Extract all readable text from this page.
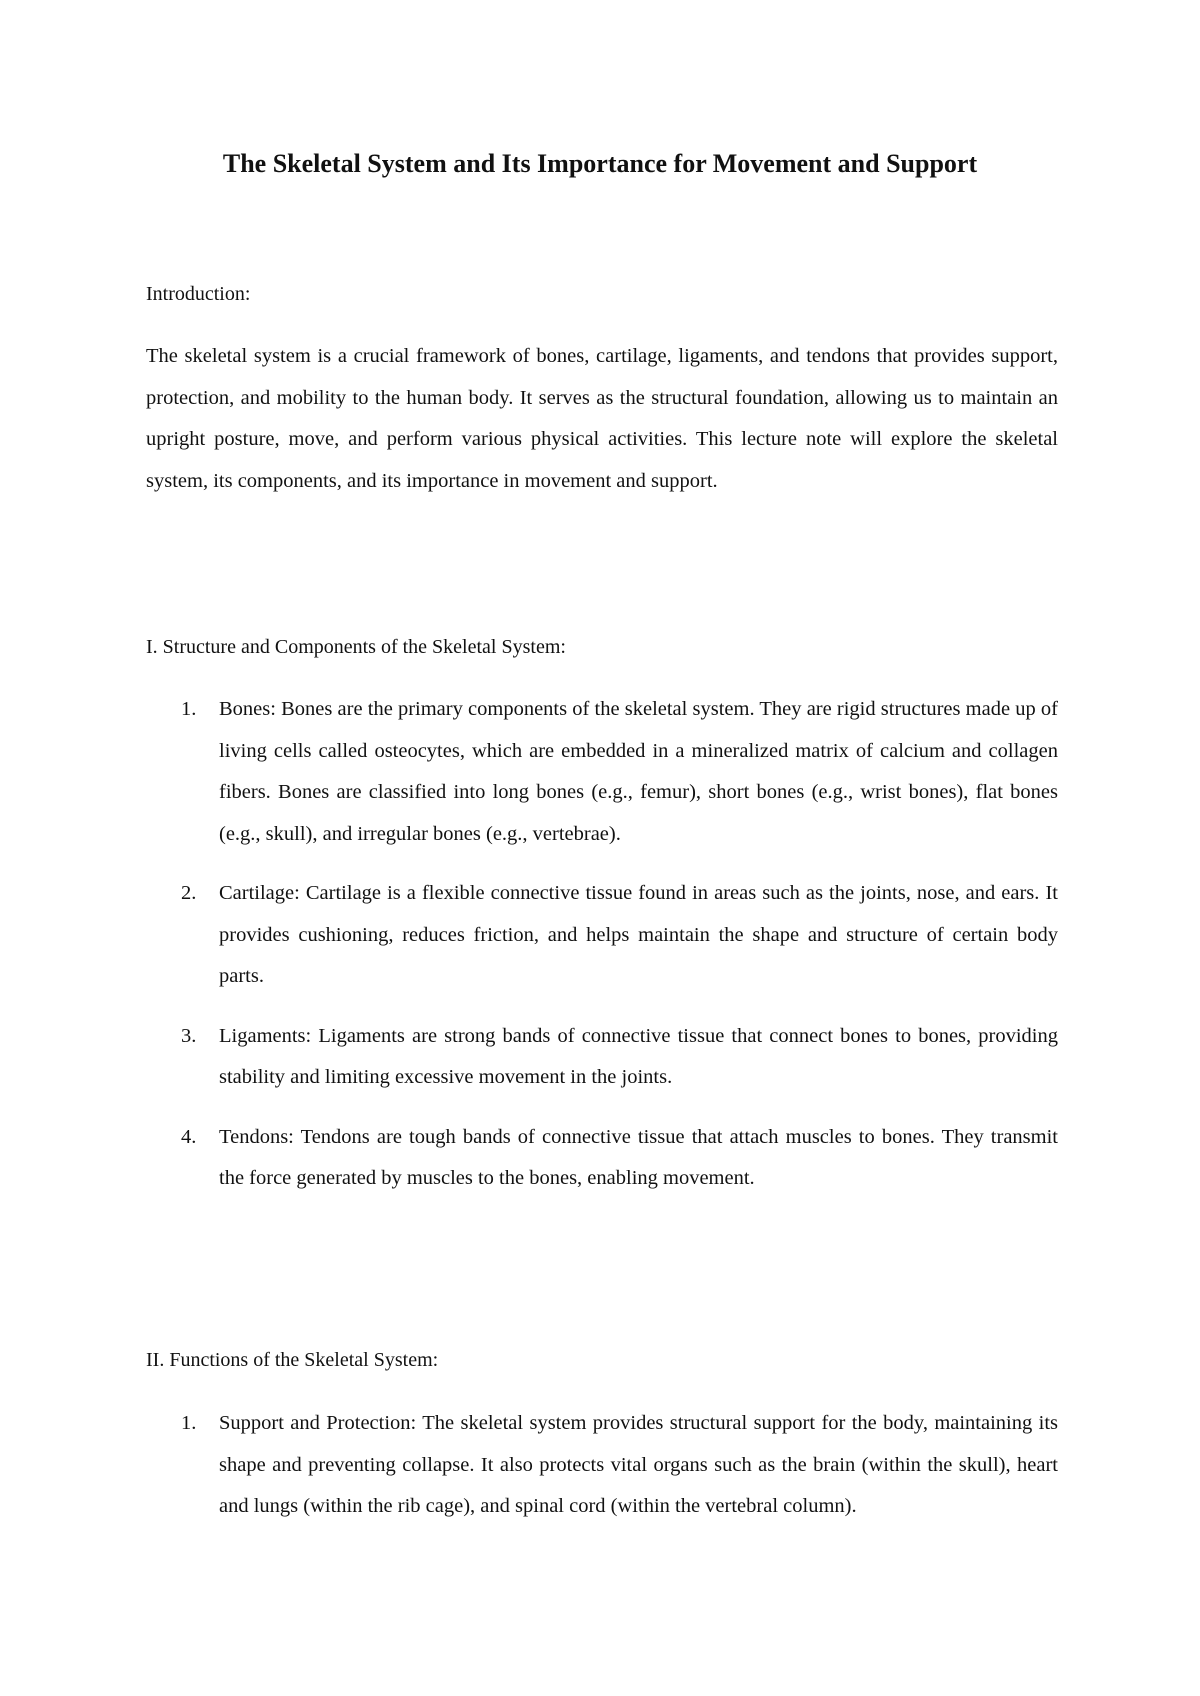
The Skeletal System and Its Importance for Movement and Support
Introduction:

The skeletal system is a crucial framework of bones, cartilage, ligaments, and tendons that provides support, protection, and mobility to the human body. It serves as the structural foundation, allowing us to maintain an upright posture, move, and perform various physical activities. This lecture note will explore the skeletal system, its components, and its importance in movement and support.

I. Structure and Components of the Skeletal System:
1. Bones: Bones are the primary components of the skeletal system. They are rigid structures made up of living cells called osteocytes, which are embedded in a mineralized matrix of calcium and collagen fibers. Bones are classified into long bones (e.g., femur), short bones (e.g., wrist bones), flat bones (e.g., skull), and irregular bones (e.g., vertebrae).
2. Cartilage: Cartilage is a flexible connective tissue found in areas such as the joints, nose, and ears. It provides cushioning, reduces friction, and helps maintain the shape and structure of certain body parts.
3. Ligaments: Ligaments are strong bands of connective tissue that connect bones to bones, providing stability and limiting excessive movement in the joints.
4. Tendons: Tendons are tough bands of connective tissue that attach muscles to bones. They transmit the force generated by muscles to the bones, enabling movement.
II. Functions of the Skeletal System:
1. Support and Protection: The skeletal system provides structural support for the body, maintaining its shape and preventing collapse. It also protects vital organs such as the brain (within the skull), heart and lungs (within the rib cage), and spinal cord (within the vertebral column).
